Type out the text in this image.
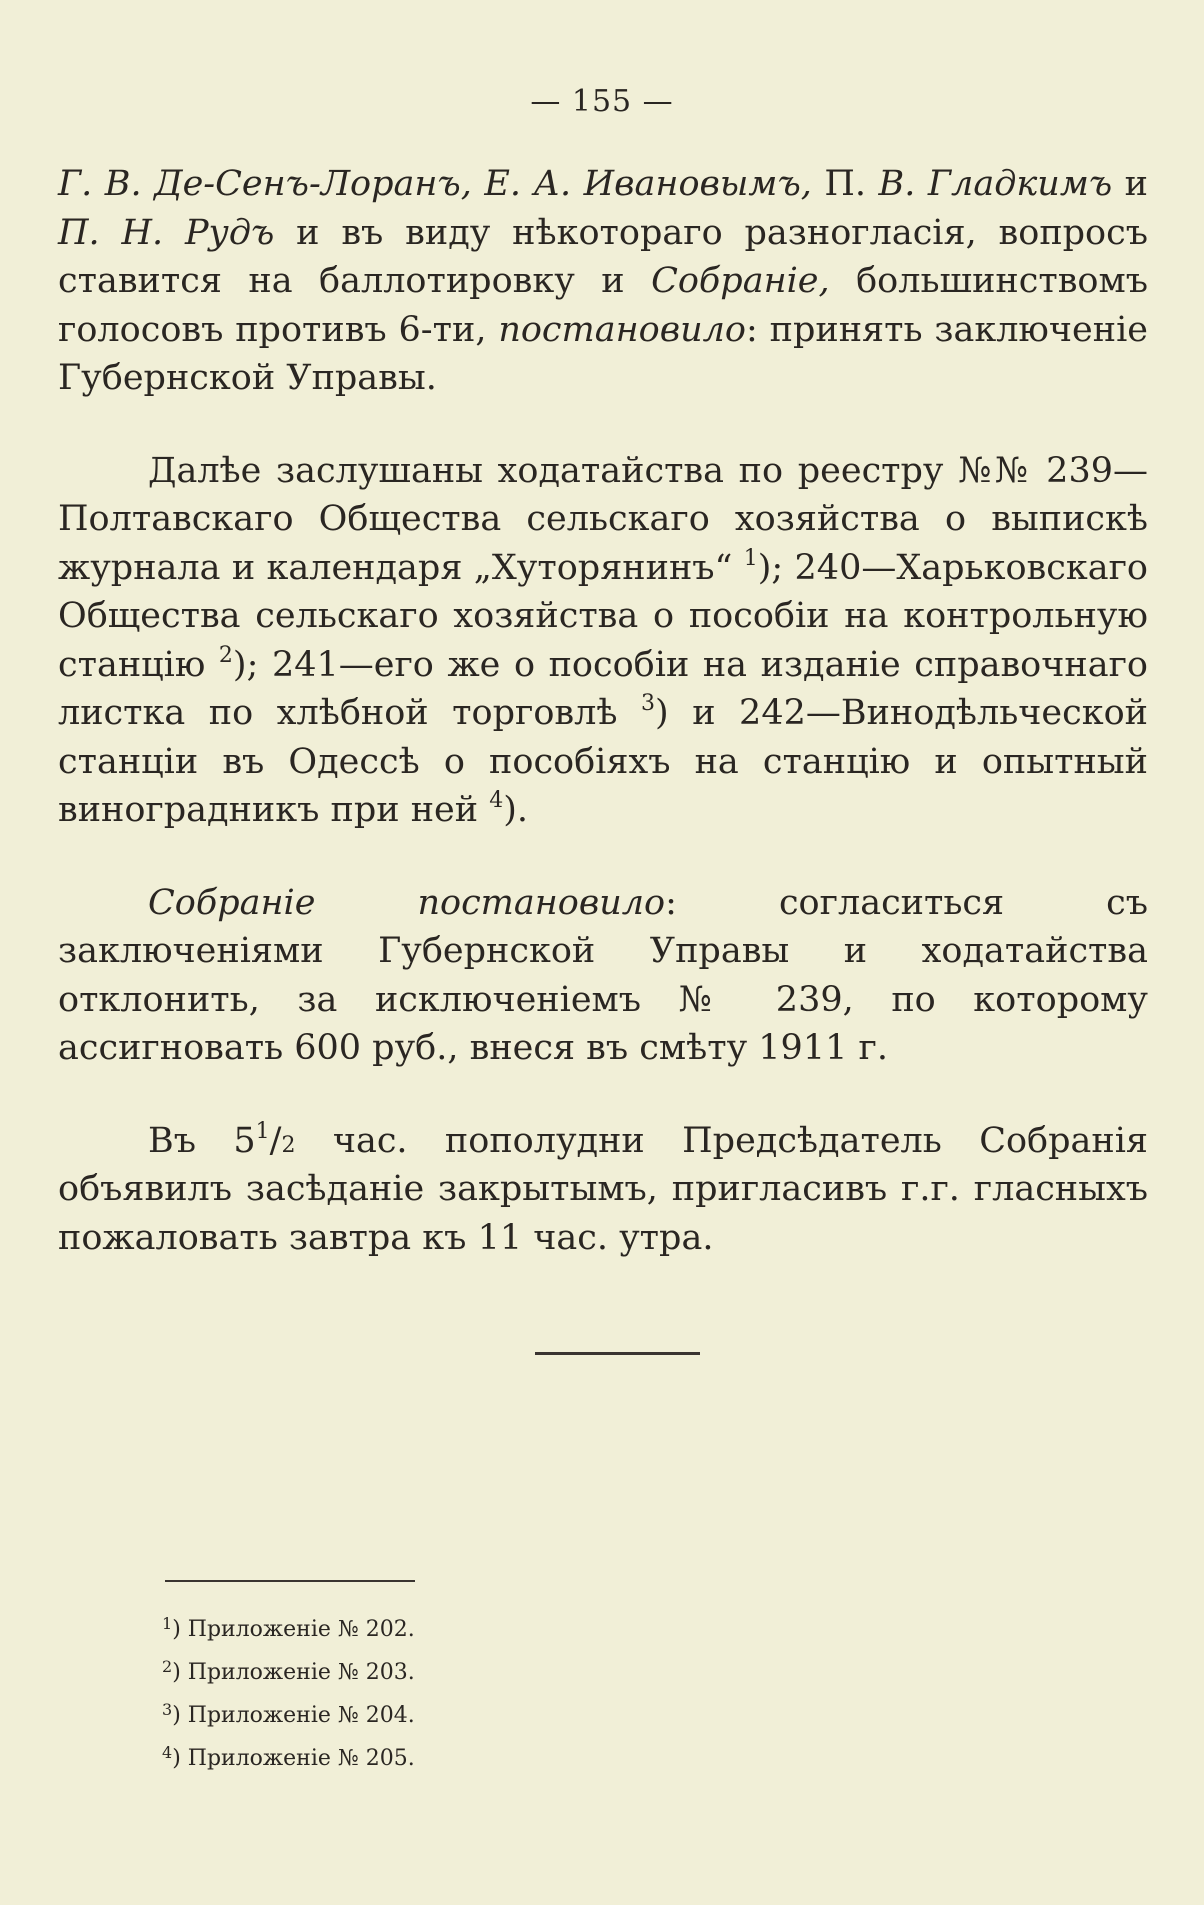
— 155 —

Г. В. Де-Сенъ-Лоранъ, Е. А. Ивановымъ, П. В. Гладкимъ и П. Н. Рудъ и въ виду нѣкотораго разногласія, вопросъ ставится на баллотировку и Собраніе, большинствомъ голосовъ противъ 6-ти, постановило: принять заключеніе Губернской Управы.

Далѣе заслушаны ходатайства по реестру №№ 239—Полтавскаго Общества сельскаго хозяйства о выпискѣ журнала и календаря „Хуторянинъ“ $^1$); 240—Харьковскаго Общества сельскаго хозяйства о пособіи на контрольную станцію $^2$); 241—его же о пособіи на изданіе справочнаго листка по хлѣбной торговлѣ $^3$) и 242—Винодѣльческой станціи въ Одессѣ о пособіяхъ на станцію и опытный виноградникъ при ней $^4$).

Собраніе постановило: согласиться съ заключеніями Губернской Управы и ходатайства отклонить, за исключеніемъ № 239, по которому ассигновать 600 руб., внеся въ смѣту 1911 г.

Въ $5^1/2$ час. пополудни Предсѣдатель Собранія объявилъ засѣданіе закрытымъ, пригласивъ г.г. гласныхъ пожаловать завтра къ 11 час. утра.

$^1$) Приложеніе № 202.
$^2$) Приложеніе № 203.
$^3$) Приложеніе № 204.
$^4$) Приложеніе № 205.
